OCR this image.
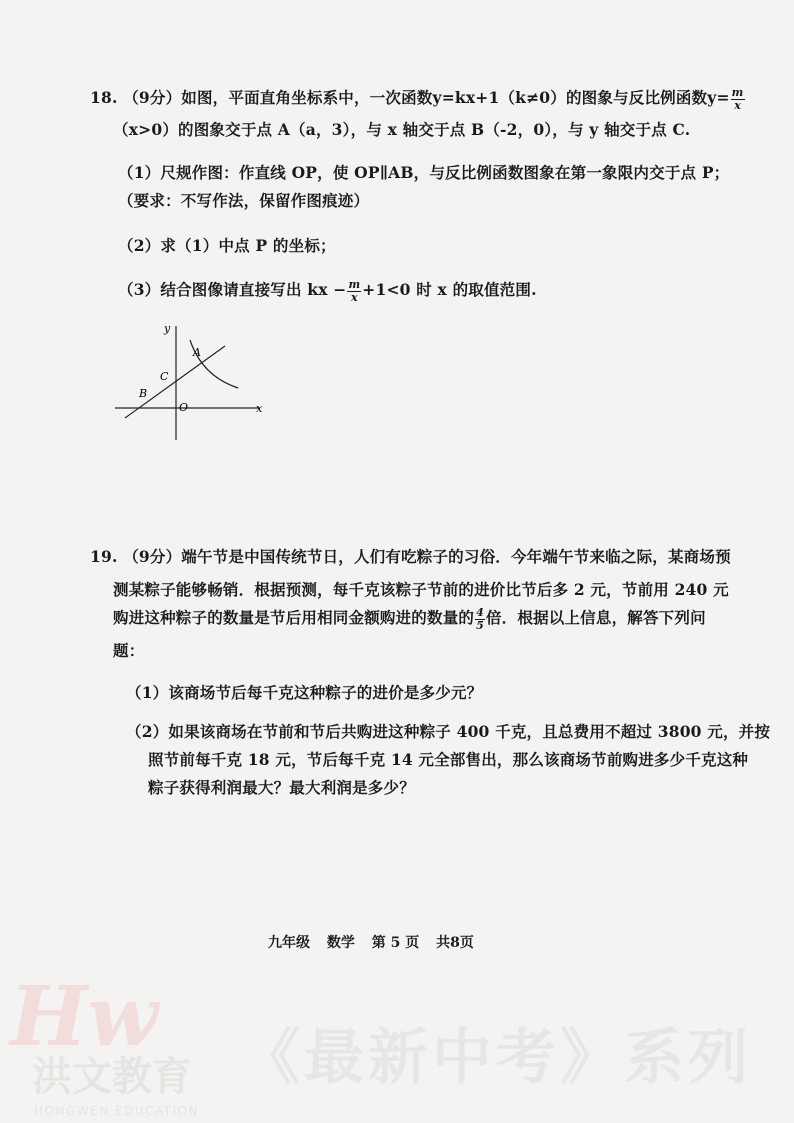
18. （9分）如图，平面直角坐标系中，一次函数y=kx+1（k≠0）的图象与反比例函数$y= \frac{m}{x}$
（x>0）的图象交于点 A（a，3），与 x 轴交于点 B（-2，0），与 y 轴交于点 C.
（1）尺规作图：作直线 OP，使 OP∥AB，与反比例函数图象在第一象限内交于点 P；
（要求：不写作法，保留作图痕迹）
（2）求（1）中点 P 的坐标；
（3）结合图像请直接写出 kx − $\frac{m}{x} +1<0$ 时 x 的取值范围.
y
x
O
A
B
C
19. （9分）端午节是中国传统节日，人们有吃粽子的习俗．今年端午节来临之际，某商场预
测某粽子能够畅销．根据预测，每千克该粽子节前的进价比节后多 2 元，节前用 240 元
购进这种粽子的数量是节后用相同金额购进的数量的 $\frac{4}{5}$ 倍．根据以上信息，解答下列问
题：
（1）该商场节后每千克这种粽子的进价是多少元？
（2）如果该商场在节前和节后共购进这种粽子 400 千克，且总费用不超过 3800 元，并按
照节前每千克 18 元，节后每千克 14 元全部售出，那么该商场节前购进多少千克这种
粽子获得利润最大？最大利润是多少？
九年级 数学 第 5 页 共8页
Hw
洪文教育
HONGWEN EDUCATION
《最新中考》系列
